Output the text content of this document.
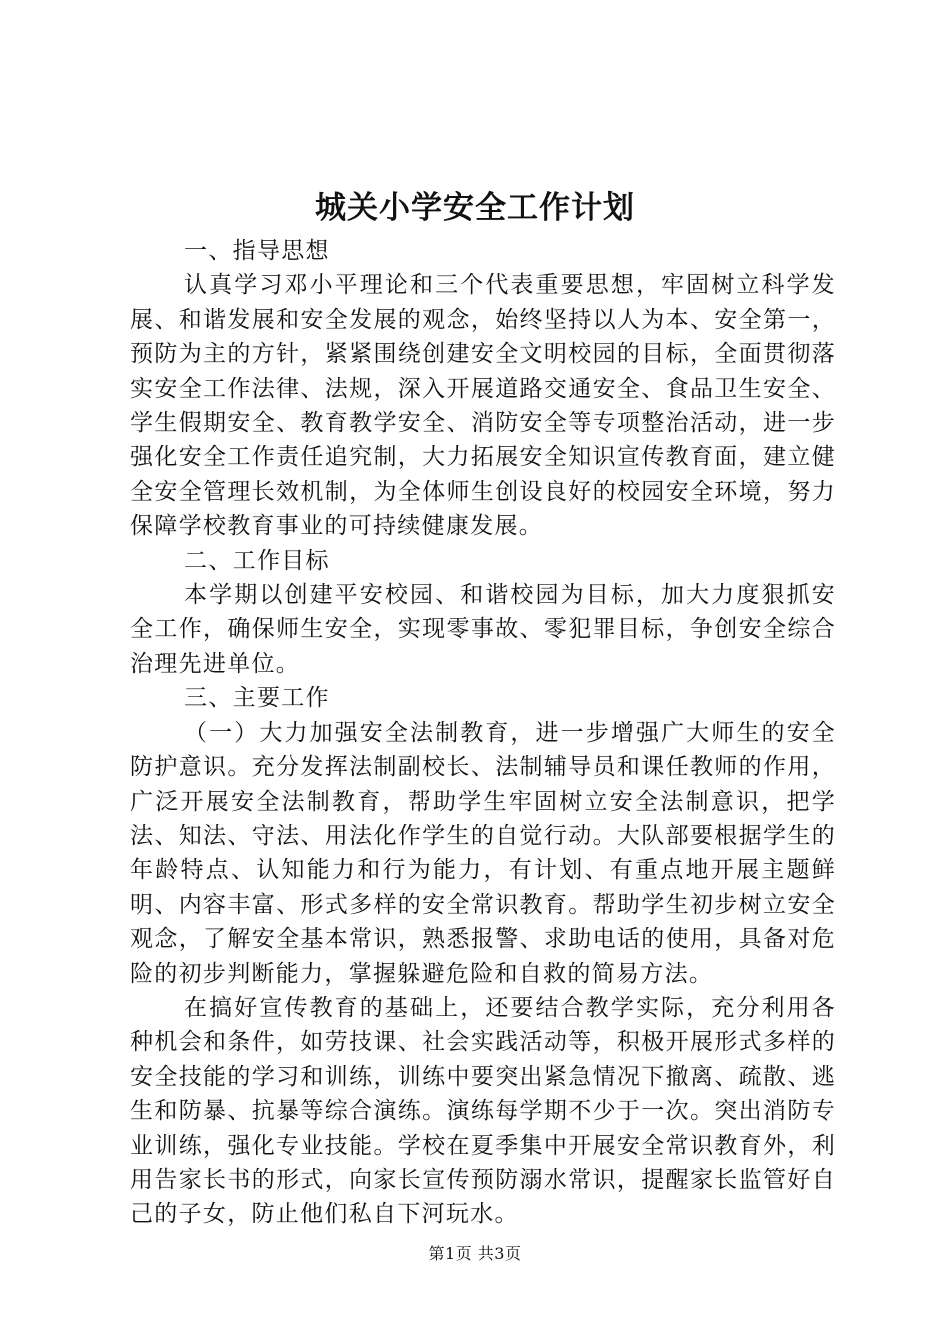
城关小学安全工作计划

一、指导思想

认真学习邓小平理论和三个代表重要思想，牢固树立科学发展、和谐发展和安全发展的观念，始终坚持以人为本、安全第一，预防为主的方针，紧紧围绕创建安全文明校园的目标，全面贯彻落实安全工作法律、法规，深入开展道路交通安全、食品卫生安全、学生假期安全、教育教学安全、消防安全等专项整治活动，进一步强化安全工作责任追究制，大力拓展安全知识宣传教育面，建立健全安全管理长效机制，为全体师生创设良好的校园安全环境，努力保障学校教育事业的可持续健康发展。

二、工作目标

本学期以创建平安校园、和谐校园为目标，加大力度狠抓安全工作，确保师生安全，实现零事故、零犯罪目标，争创安全综合治理先进单位。

三、主要工作

（一）大力加强安全法制教育，进一步增强广大师生的安全防护意识。充分发挥法制副校长、法制辅导员和课任教师的作用，广泛开展安全法制教育，帮助学生牢固树立安全法制意识，把学法、知法、守法、用法化作学生的自觉行动。大队部要根据学生的年龄特点、认知能力和行为能力，有计划、有重点地开展主题鲜明、内容丰富、形式多样的安全常识教育。帮助学生初步树立安全观念，了解安全基本常识，熟悉报警、求助电话的使用，具备对危险的初步判断能力，掌握躲避危险和自救的简易方法。

在搞好宣传教育的基础上，还要结合教学实际，充分利用各种机会和条件，如劳技课、社会实践活动等，积极开展形式多样的安全技能的学习和训练，训练中要突出紧急情况下撤离、疏散、逃生和防暴、抗暴等综合演练。演练每学期不少于一次。突出消防专业训练，强化专业技能。学校在夏季集中开展安全常识教育外，利用告家长书的形式，向家长宣传预防溺水常识，提醒家长监管好自己的子女，防止他们私自下河玩水。

第1页 共3页
